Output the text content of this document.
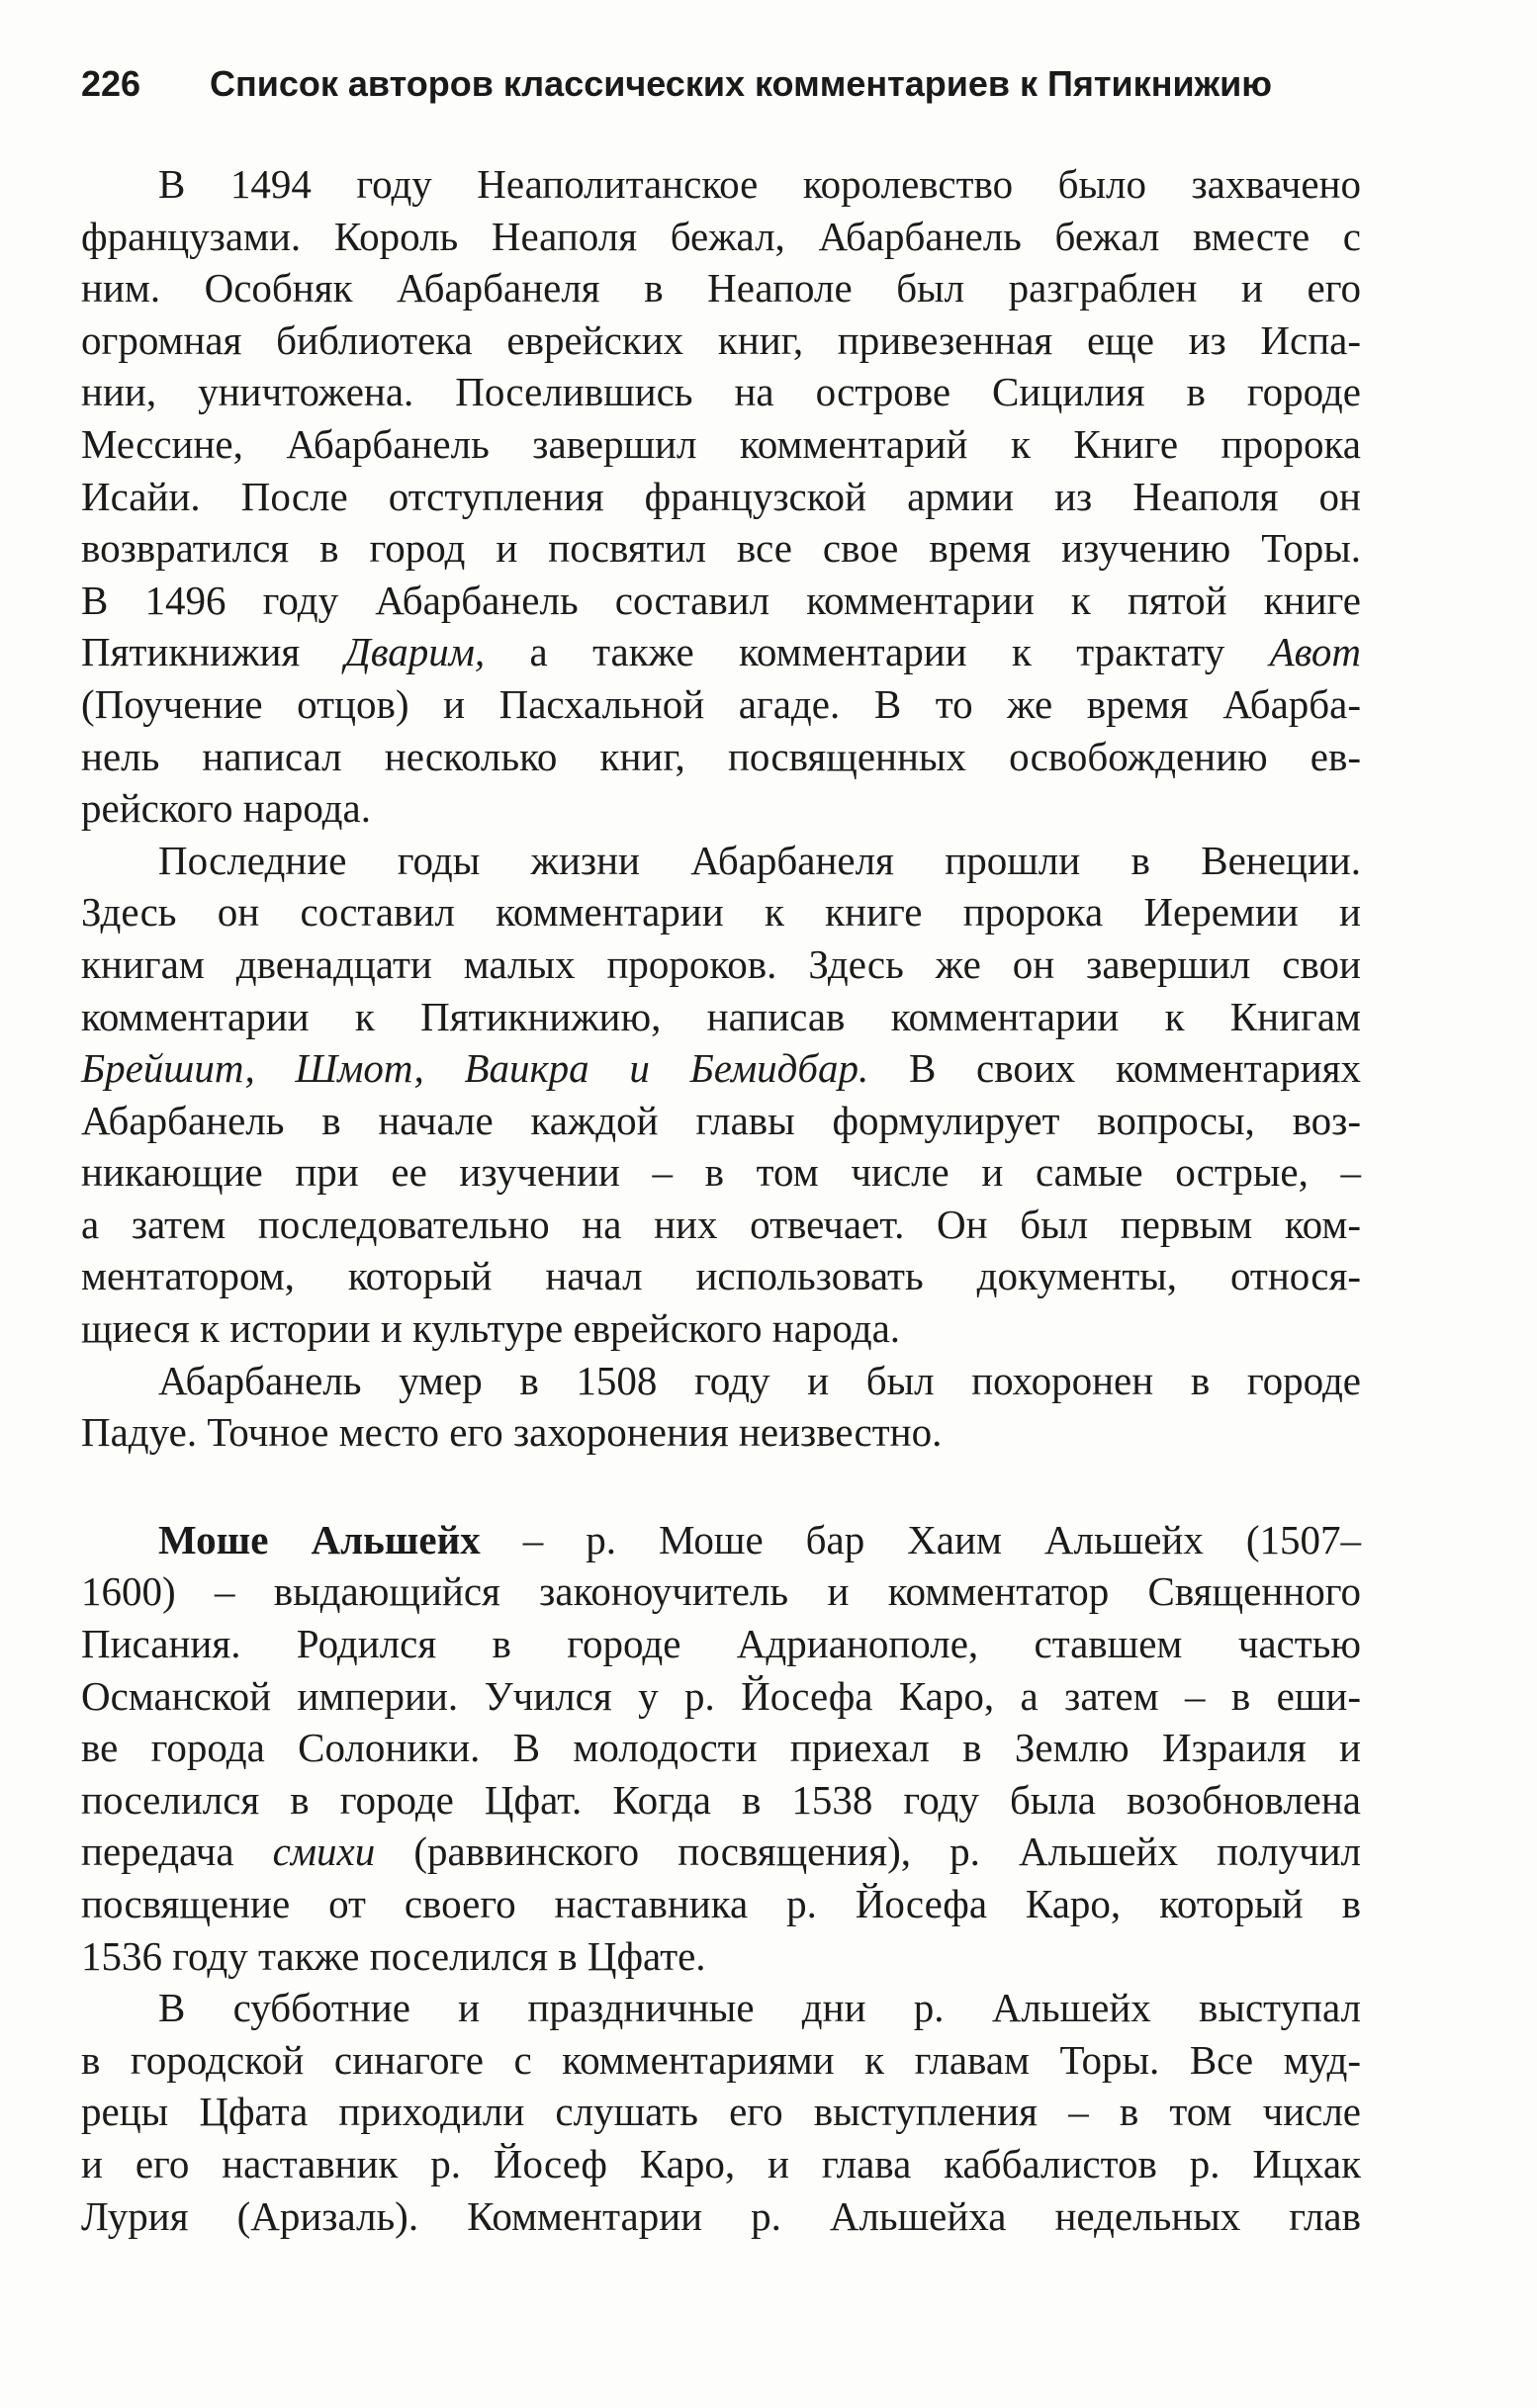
226 Список авторов классических комментариев к Пятикнижию
В 1494 году Неаполитанское королевство было захвачено
французами. Король Неаполя бежал, Абарбанель бежал вместе с
ним. Особняк Абарбанеля в Неаполе был разграблен и его
огромная библиотека еврейских книг, привезенная еще из Испа-
нии, уничтожена. Поселившись на острове Сицилия в городе
Мессине, Абарбанель завершил комментарий к Книге пророка
Исайи. После отступления французской армии из Неаполя он
возвратился в город и посвятил все свое время изучению Торы.
В 1496 году Абарбанель составил комментарии к пятой книге
Пятикнижия Дварим, а также комментарии к трактату Авот
(Поучение отцов) и Пасхальной агаде. В то же время Абарба-
нель написал несколько книг, посвященных освобождению ев-
рейского народа.
Последние годы жизни Абарбанеля прошли в Венеции.
Здесь он составил комментарии к книге пророка Иеремии и
книгам двенадцати малых пророков. Здесь же он завершил свои
комментарии к Пятикнижию, написав комментарии к Книгам
Брейшит, Шмот, Ваикра и Бемидбар. В своих комментариях
Абарбанель в начале каждой главы формулирует вопросы, воз-
никающие при ее изучении – в том числе и самые острые, –
а затем последовательно на них отвечает. Он был первым ком-
ментатором, который начал использовать документы, относя-
щиеся к истории и культуре еврейского народа.
Абарбанель умер в 1508 году и был похоронен в городе
Падуе. Точное место его захоронения неизвестно.
Моше Альшейх – р. Моше бар Хаим Альшейх (1507–
1600) – выдающийся законоучитель и комментатор Священного
Писания. Родился в городе Адрианополе, ставшем частью
Османской империи. Учился у р. Йосефа Каро, а затем – в еши-
ве города Солоники. В молодости приехал в Землю Израиля и
поселился в городе Цфат. Когда в 1538 году была возобновлена
передача смихи (раввинского посвящения), р. Альшейх получил
посвящение от своего наставника р. Йосефа Каро, который в
1536 году также поселился в Цфате.
В субботние и праздничные дни р. Альшейх выступал
в городской синагоге с комментариями к главам Торы. Все муд-
рецы Цфата приходили слушать его выступления – в том числе
и его наставник р. Йосеф Каро, и глава каббалистов р. Ицхак
Лурия (Аризаль). Комментарии р. Альшейха недельных глав
